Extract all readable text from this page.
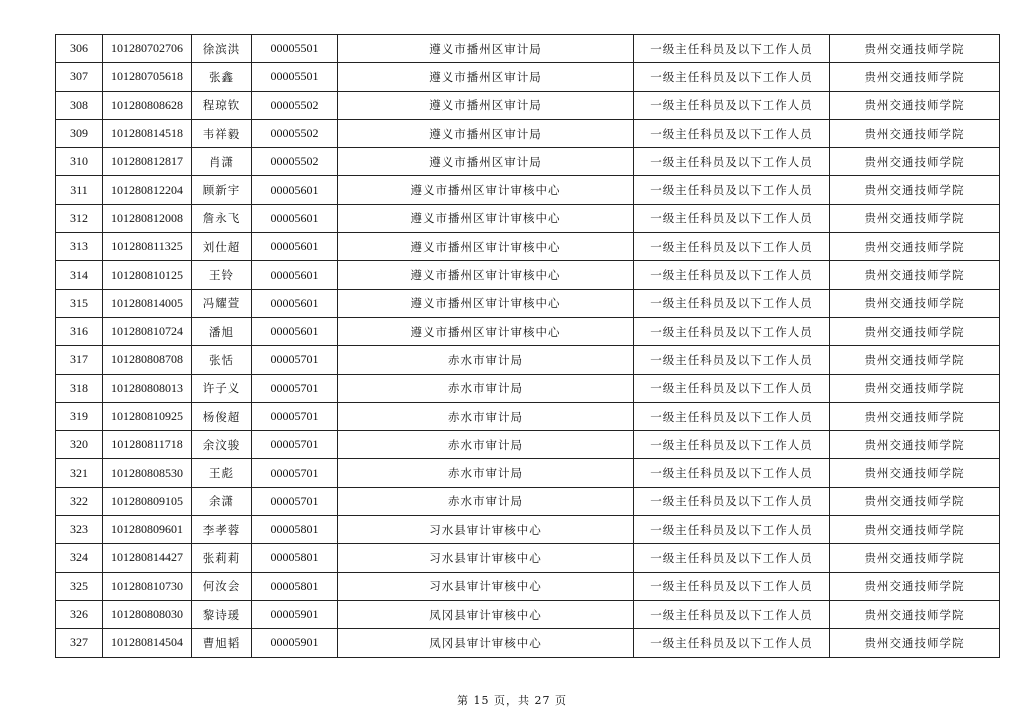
306	101280702706	徐滨洪	00005501	遵义市播州区审计局	一级主任科员及以下工作人员	贵州交通技师学院
307	101280705618	张鑫	00005501	遵义市播州区审计局	一级主任科员及以下工作人员	贵州交通技师学院
308	101280808628	程琼钦	00005502	遵义市播州区审计局	一级主任科员及以下工作人员	贵州交通技师学院
309	101280814518	韦祥毅	00005502	遵义市播州区审计局	一级主任科员及以下工作人员	贵州交通技师学院
310	101280812817	肖潇	00005502	遵义市播州区审计局	一级主任科员及以下工作人员	贵州交通技师学院
311	101280812204	顾新宇	00005601	遵义市播州区审计审核中心	一级主任科员及以下工作人员	贵州交通技师学院
312	101280812008	詹永飞	00005601	遵义市播州区审计审核中心	一级主任科员及以下工作人员	贵州交通技师学院
313	101280811325	刘仕超	00005601	遵义市播州区审计审核中心	一级主任科员及以下工作人员	贵州交通技师学院
314	101280810125	王铃	00005601	遵义市播州区审计审核中心	一级主任科员及以下工作人员	贵州交通技师学院
315	101280814005	冯耀萱	00005601	遵义市播州区审计审核中心	一级主任科员及以下工作人员	贵州交通技师学院
316	101280810724	潘旭	00005601	遵义市播州区审计审核中心	一级主任科员及以下工作人员	贵州交通技师学院
317	101280808708	张恬	00005701	赤水市审计局	一级主任科员及以下工作人员	贵州交通技师学院
318	101280808013	许子义	00005701	赤水市审计局	一级主任科员及以下工作人员	贵州交通技师学院
319	101280810925	杨俊超	00005701	赤水市审计局	一级主任科员及以下工作人员	贵州交通技师学院
320	101280811718	余汶骏	00005701	赤水市审计局	一级主任科员及以下工作人员	贵州交通技师学院
321	101280808530	王彪	00005701	赤水市审计局	一级主任科员及以下工作人员	贵州交通技师学院
322	101280809105	余潇	00005701	赤水市审计局	一级主任科员及以下工作人员	贵州交通技师学院
323	101280809601	李孝蓉	00005801	习水县审计审核中心	一级主任科员及以下工作人员	贵州交通技师学院
324	101280814427	张莉莉	00005801	习水县审计审核中心	一级主任科员及以下工作人员	贵州交通技师学院
325	101280810730	何汝会	00005801	习水县审计审核中心	一级主任科员及以下工作人员	贵州交通技师学院
326	101280808030	黎诗瑗	00005901	凤冈县审计审核中心	一级主任科员及以下工作人员	贵州交通技师学院
327	101280814504	曹旭韬	00005901	凤冈县审计审核中心	一级主任科员及以下工作人员	贵州交通技师学院
第 15 页，共 27 页
